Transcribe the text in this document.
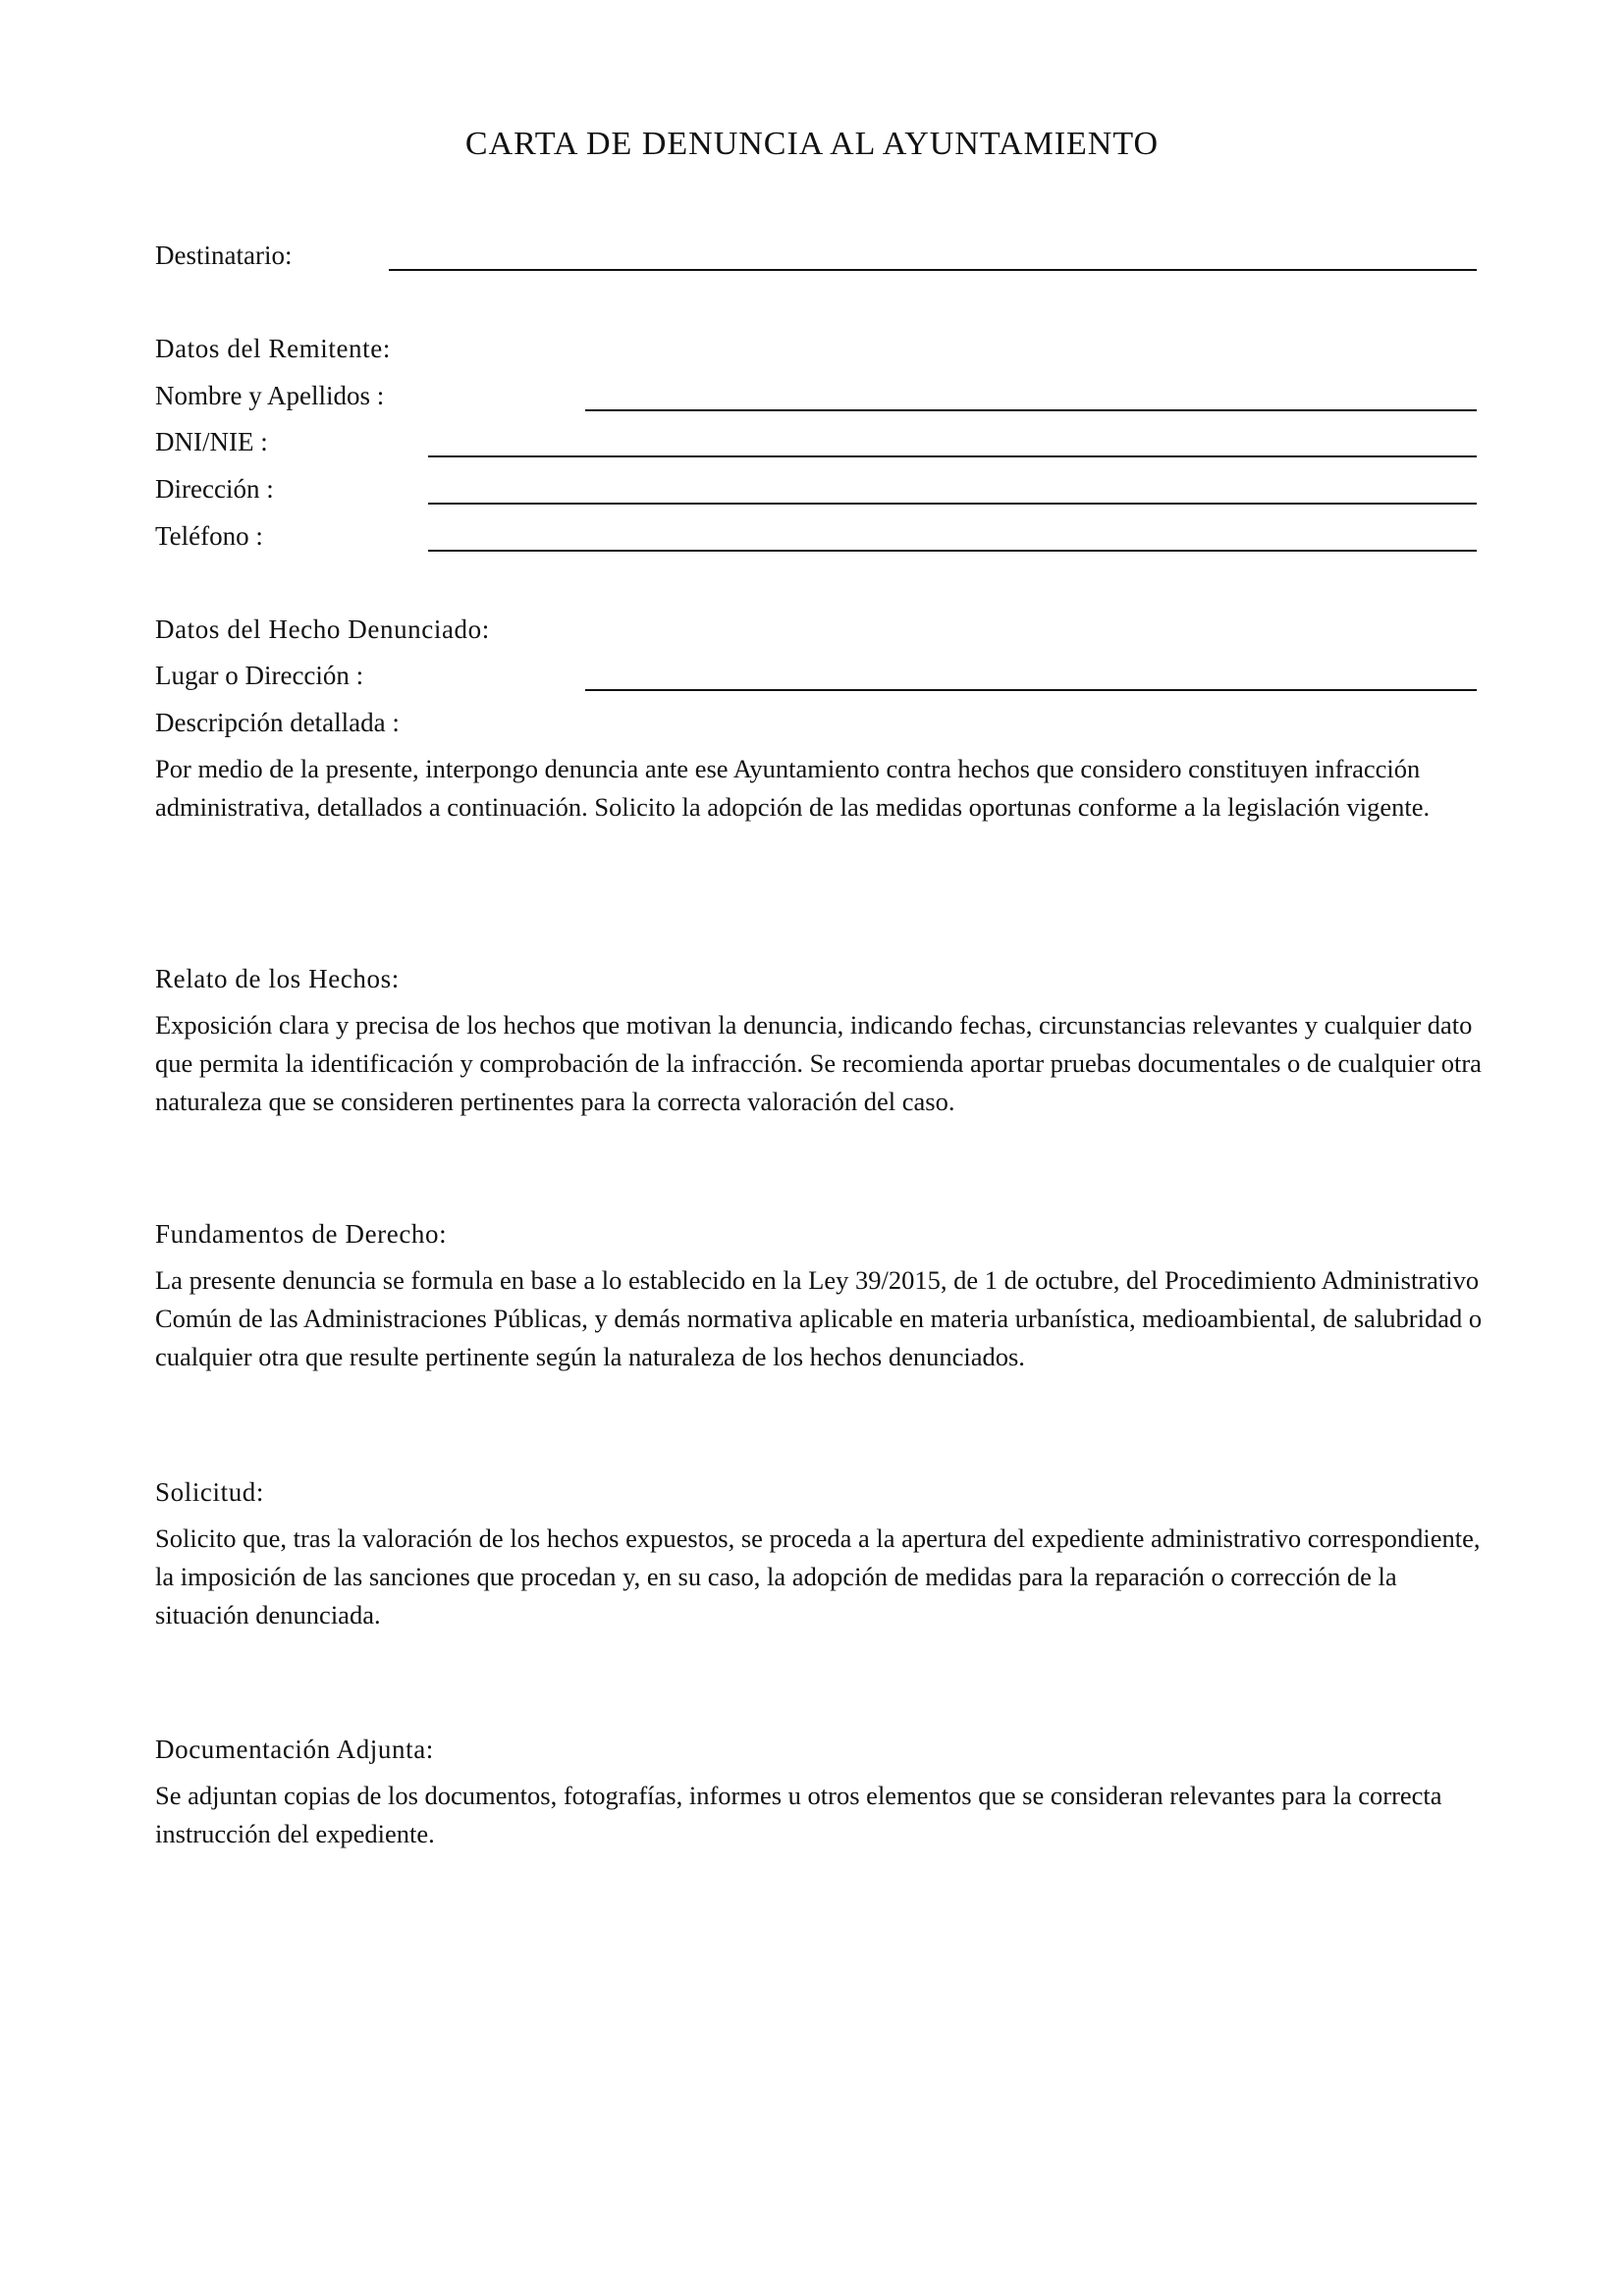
CARTA DE DENUNCIA AL AYUNTAMIENTO
Destinatario:
Datos del Remitente:
Nombre y Apellidos :
DNI/NIE :
Dirección :
Teléfono :
Datos del Hecho Denunciado:
Lugar o Dirección :
Descripción detallada :
Por medio de la presente, interpongo denuncia ante ese Ayuntamiento contra hechos que considero constituyen infracción administrativa, detallados a continuación. Solicito la adopción de las medidas oportunas conforme a la legislación vigente.
Relato de los Hechos:
Exposición clara y precisa de los hechos que motivan la denuncia, indicando fechas, circunstancias relevantes y cualquier dato que permita la identificación y comprobación de la infracción. Se recomienda aportar pruebas documentales o de cualquier otra naturaleza que se consideren pertinentes para la correcta valoración del caso.
Fundamentos de Derecho:
La presente denuncia se formula en base a lo establecido en la Ley 39/2015, de 1 de octubre, del Procedimiento Administrativo Común de las Administraciones Públicas, y demás normativa aplicable en materia urbanística, medioambiental, de salubridad o cualquier otra que resulte pertinente según la naturaleza de los hechos denunciados.
Solicitud:
Solicito que, tras la valoración de los hechos expuestos, se proceda a la apertura del expediente administrativo correspondiente, la imposición de las sanciones que procedan y, en su caso, la adopción de medidas para la reparación o corrección de la situación denunciada.
Documentación Adjunta:
Se adjuntan copias de los documentos, fotografías, informes u otros elementos que se consideran relevantes para la correcta instrucción del expediente.
